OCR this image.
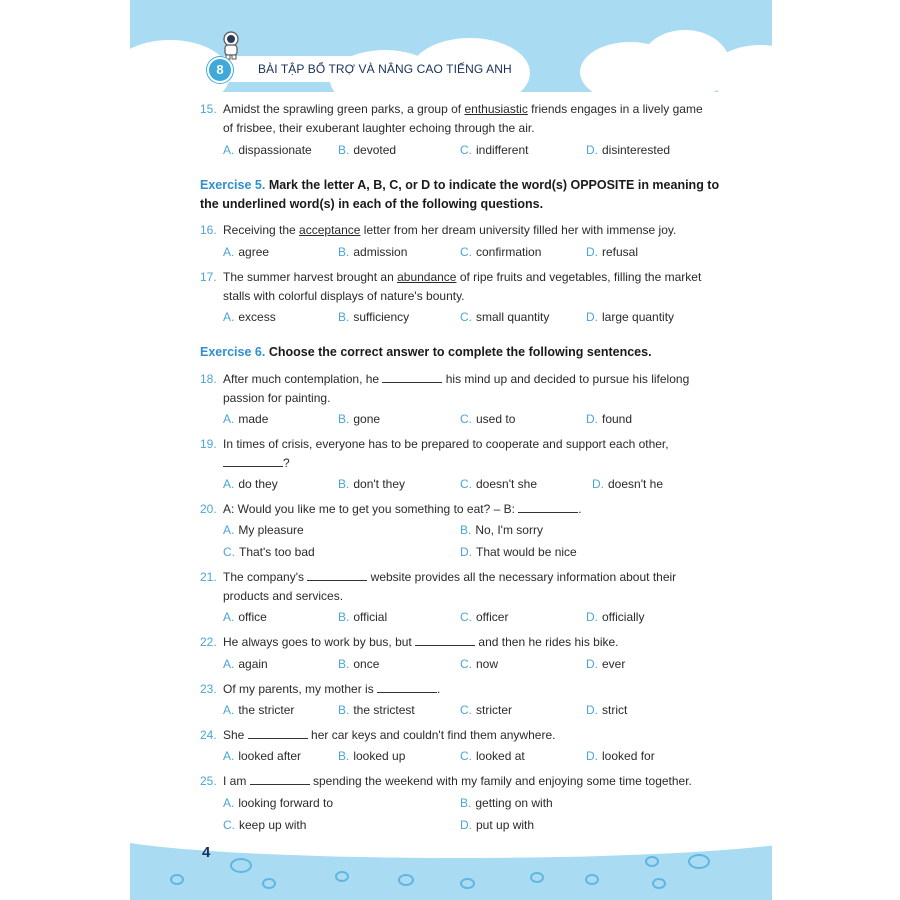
8	BÀI TẬP BỔ TRỢ VÀ NÂNG CAO TIẾNG ANH
15. Amidst the sprawling green parks, a group of enthusiastic friends engages in a lively game of frisbee, their exuberant laughter echoing through the air.
A. dispassionate B. devoted	C. indifferent	D. disinterested
Exercise 5. Mark the letter A, B, C, or D to indicate the word(s) OPPOSITE in meaning to the underlined word(s) in each of the following questions.
16. Receiving the acceptance letter from her dream university filled her with immense joy.
A. agree	B. admission	C. confirmation	D. refusal
17. The summer harvest brought an abundance of ripe fruits and vegetables, filling the market stalls with colorful displays of nature's bounty.
A. excess	B. sufficiency	C. small quantity	D. large quantity
Exercise 6. Choose the correct answer to complete the following sentences.
18. After much contemplation, he	his mind up and decided to pursue his lifelong passion for painting.
A. made	B. gone	C. used to	D. found
19. In times of crisis, everyone has to be prepared to cooperate and support each other,
?
A. do they	B. don't they	C. doesn't she	D. doesn't he
20. A: Would you like me to get you something to eat? – B:	.
A. My pleasure	B. No, I'm sorry
C. That's too bad	D. That would be nice
21. The company's	website provides all the necessary information about their products and services.
A. office	B. official	C. officer	D. officially
22. He always goes to work by bus, but	and then he rides his bike.
A. again	B. once	C. now	D. ever
23. Of my parents, my mother is	.
A. the stricter	B. the strictest	C. stricter	D. strict
24. She	her car keys and couldn't find them anywhere.
A. looked after	B. looked up	C. looked at	D. looked for
25. I am	spending the weekend with my family and enjoying some time together.
A. looking forward to	B. getting on with
C. keep up with	D. put up with
4
